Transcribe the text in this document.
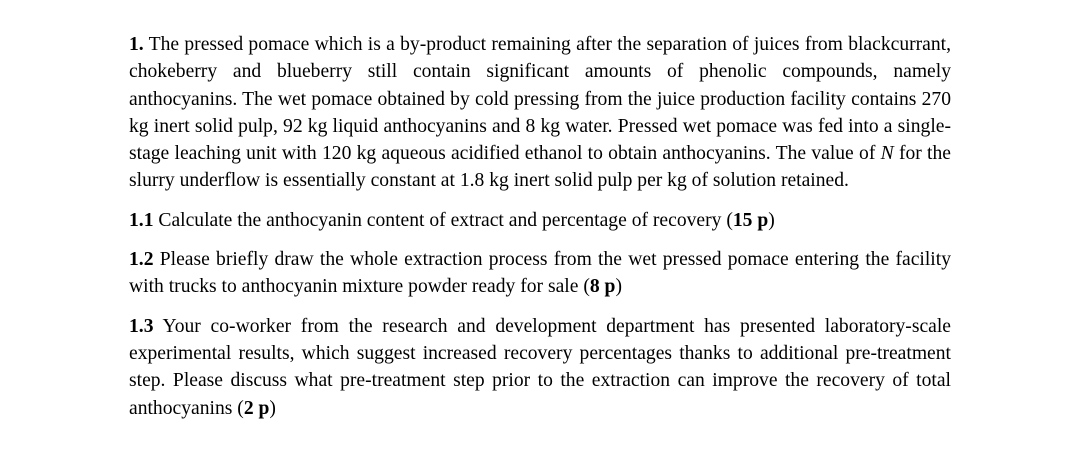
1. The pressed pomace which is a by-product remaining after the separation of juices from blackcurrant, chokeberry and blueberry still contain significant amounts of phenolic compounds, namely anthocyanins. The wet pomace obtained by cold pressing from the juice production facility contains 270 kg inert solid pulp, 92 kg liquid anthocyanins and 8 kg water. Pressed wet pomace was fed into a single-stage leaching unit with 120 kg aqueous acidified ethanol to obtain anthocyanins. The value of N for the slurry underflow is essentially constant at 1.8 kg inert solid pulp per kg of solution retained.

1.1 Calculate the anthocyanin content of extract and percentage of recovery (15 p)

1.2 Please briefly draw the whole extraction process from the wet pressed pomace entering the facility with trucks to anthocyanin mixture powder ready for sale (8 p)

1.3 Your co-worker from the research and development department has presented laboratory-scale experimental results, which suggest increased recovery percentages thanks to additional pre-treatment step. Please discuss what pre-treatment step prior to the extraction can improve the recovery of total anthocyanins (2 p)
